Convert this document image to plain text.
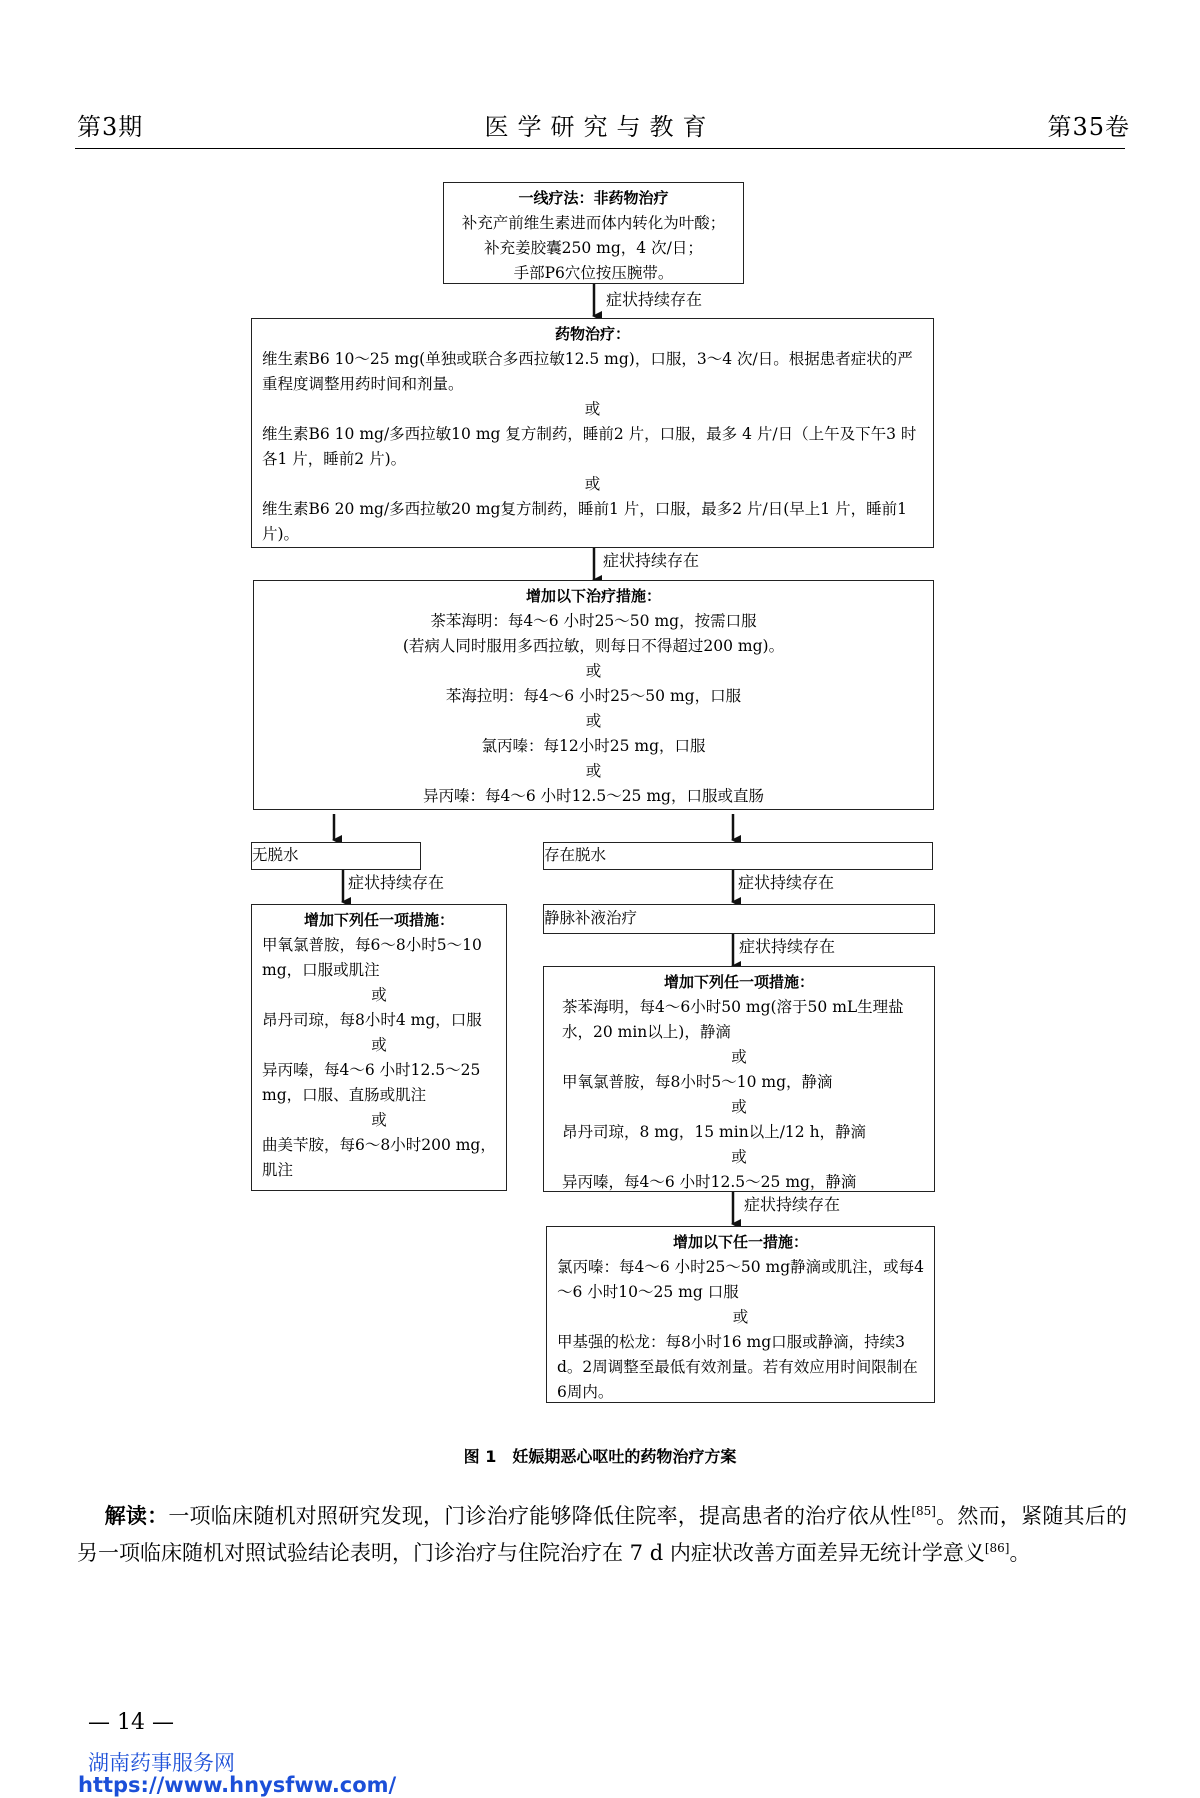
第3期	医学研究与教育	第35卷
一线疗法：非药物治疗
补充产前维生素进而体内转化为叶酸；
补充姜胶囊250 mg，4 次/日；
手部P6穴位按压腕带。
症状持续存在
药物治疗：
维生素B6 10～25 mg(单独或联合多西拉敏12.5 mg)，口服，3～4 次/日。根据患者症状的严重程度调整用药时间和剂量。
或
维生素B6 10 mg/多西拉敏10 mg 复方制药，睡前2 片，口服，最多 4 片/日（上午及下午3 时各1 片，睡前2 片)。
或
维生素B6 20 mg/多西拉敏20 mg复方制药，睡前1 片，口服，最多2 片/日(早上1 片，睡前1 片)。
症状持续存在
增加以下治疗措施：
茶苯海明：每4～6 小时25～50 mg，按需口服
(若病人同时服用多西拉敏，则每日不得超过200 mg)。
或
苯海拉明：每4～6 小时25～50 mg，口服
或
氯丙嗪：每12小时25 mg，口服
或
异丙嗪：每4～6 小时12.5～25 mg，口服或直肠
无脱水	存在脱水
症状持续存在	症状持续存在
增加下列任一项措施：
甲氧氯普胺，每6～8小时5～10 mg，口服或肌注
或
昂丹司琼，每8小时4 mg，口服
或
异丙嗪，每4～6 小时12.5～25 mg，口服、直肠或肌注
或
曲美苄胺，每6～8小时200 mg，肌注
静脉补液治疗
症状持续存在
增加下列任一项措施：
茶苯海明，每4～6小时50 mg(溶于50 mL生理盐水，20 min以上)，静滴
或
甲氧氯普胺，每8小时5～10 mg，静滴
或
昂丹司琼，8 mg，15 min以上/12 h，静滴
或
异丙嗪，每4～6 小时12.5～25 mg，静滴
症状持续存在
增加以下任一措施：
氯丙嗪：每4～6 小时25～50 mg静滴或肌注，或每4～6 小时10～25 mg 口服
或
甲基强的松龙：每8小时16 mg口服或静滴，持续3 d。2周调整至最低有效剂量。若有效应用时间限制在6周内。
图 1　妊娠期恶心呕吐的药物治疗方案
解读：一项临床随机对照研究发现，门诊治疗能够降低住院率，提高患者的治疗依从性[85]。然而，紧随其后的另一项临床随机对照试验结论表明，门诊治疗与住院治疗在 7 d 内症状改善方面差异无统计学意义[86]。
— 14 —
湖南药事服务网
https://www.hnysfww.com/
